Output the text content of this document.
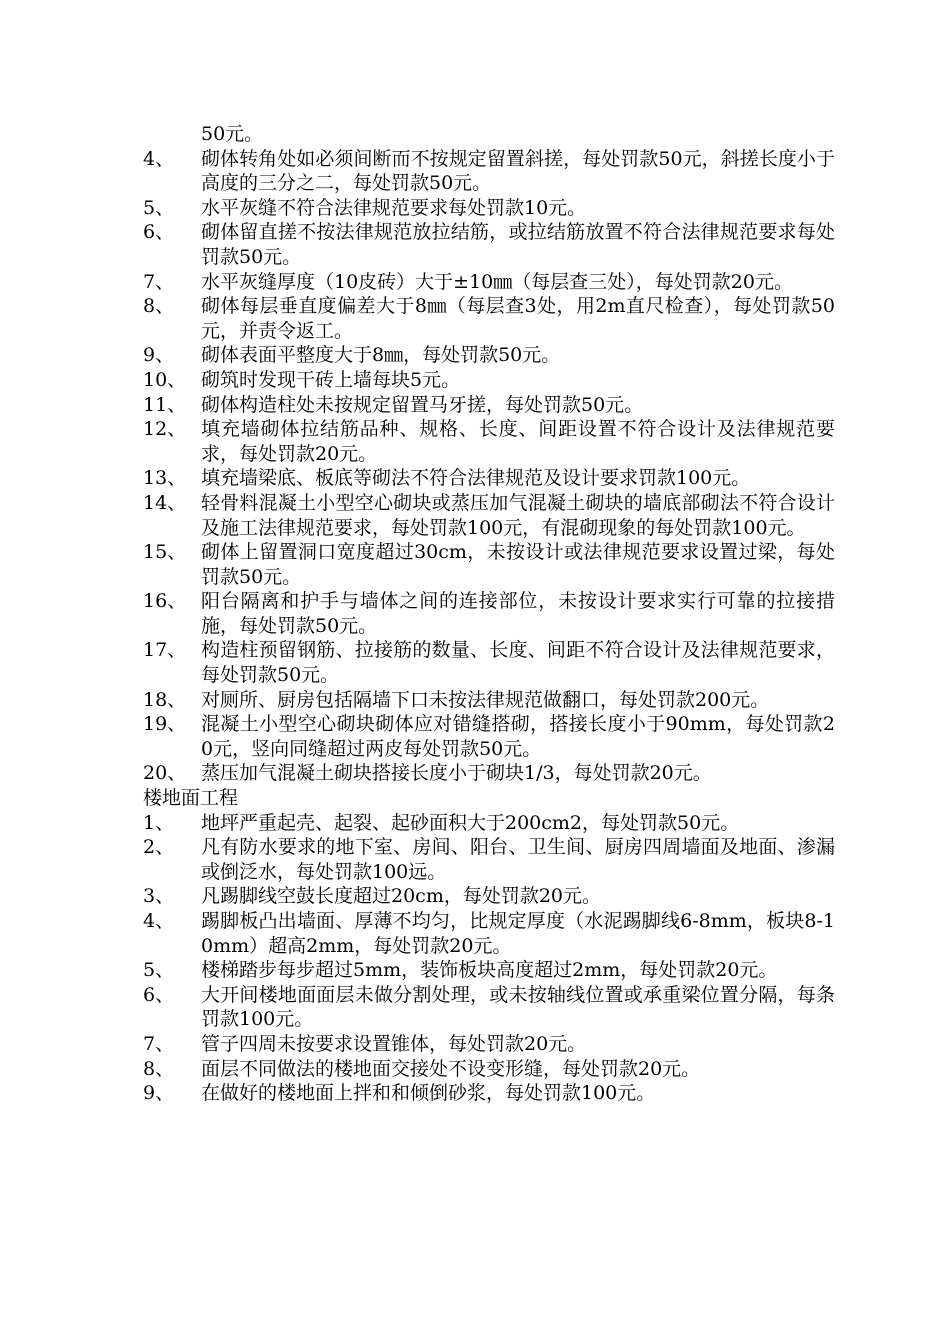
50元。
4、	砌体转角处如必须间断而不按规定留置斜搓，每处罚款50元，斜搓长度小于高度的三分之二，每处罚款50元。
5、	水平灰缝不符合法律规范要求每处罚款10元。
6、	砌体留直搓不按法律规范放拉结筋，或拉结筋放置不符合法律规范要求每处罚款50元。
7、	水平灰缝厚度（10皮砖）大于±10㎜（每层查三处），每处罚款20元。
8、	砌体每层垂直度偏差大于8㎜（每层查3处，用2m直尺检查），每处罚款50元，并责令返工。
9、	砌体表面平整度大于8㎜，每处罚款50元。
10、 砌筑时发现干砖上墙每块5元。
11、 砌体构造柱处未按规定留置马牙搓，每处罚款50元。
12、 填充墙砌体拉结筋品种、规格、长度、间距设置不符合设计及法律规范要求，每处罚款20元。
13、 填充墙梁底、板底等砌法不符合法律规范及设计要求罚款100元。
14、 轻骨料混凝土小型空心砌块或蒸压加气混凝土砌块的墙底部砌法不符合设计及施工法律规范要求，每处罚款100元，有混砌现象的每处罚款100元。
15、 砌体上留置洞口宽度超过30cm，未按设计或法律规范要求设置过梁，每处罚款50元。
16、 阳台隔离和护手与墙体之间的连接部位，未按设计要求实行可靠的拉接措施，每处罚款50元。
17、 构造柱预留钢筋、拉接筋的数量、长度、间距不符合设计及法律规范要求，每处罚款50元。
18、 对厕所、厨房包括隔墙下口未按法律规范做翻口，每处罚款200元。
19、 混凝土小型空心砌块砌体应对错缝搭砌，搭接长度小于90mm，每处罚款20元，竖向同缝超过两皮每处罚款50元。
20、 蒸压加气混凝土砌块搭接长度小于砌块1/3，每处罚款20元。
楼地面工程
1、	地坪严重起壳、起裂、起砂面积大于200cm2，每处罚款50元。
2、	凡有防水要求的地下室、房间、阳台、卫生间、厨房四周墙面及地面、渗漏或倒泛水，每处罚款100远。
3、	凡踢脚线空鼓长度超过20cm，每处罚款20元。
4、	踢脚板凸出墙面、厚薄不均匀，比规定厚度（水泥踢脚线6-8mm，板块8-10mm）超高2mm，每处罚款20元。
5、	楼梯踏步每步超过5mm，装饰板块高度超过2mm，每处罚款20元。
6、	大开间楼地面面层未做分割处理，或未按轴线位置或承重梁位置分隔，每条罚款100元。
7、	管子四周未按要求设置锥体，每处罚款20元。
8、	面层不同做法的楼地面交接处不设变形缝，每处罚款20元。
9、	在做好的楼地面上拌和和倾倒砂浆，每处罚款100元。
